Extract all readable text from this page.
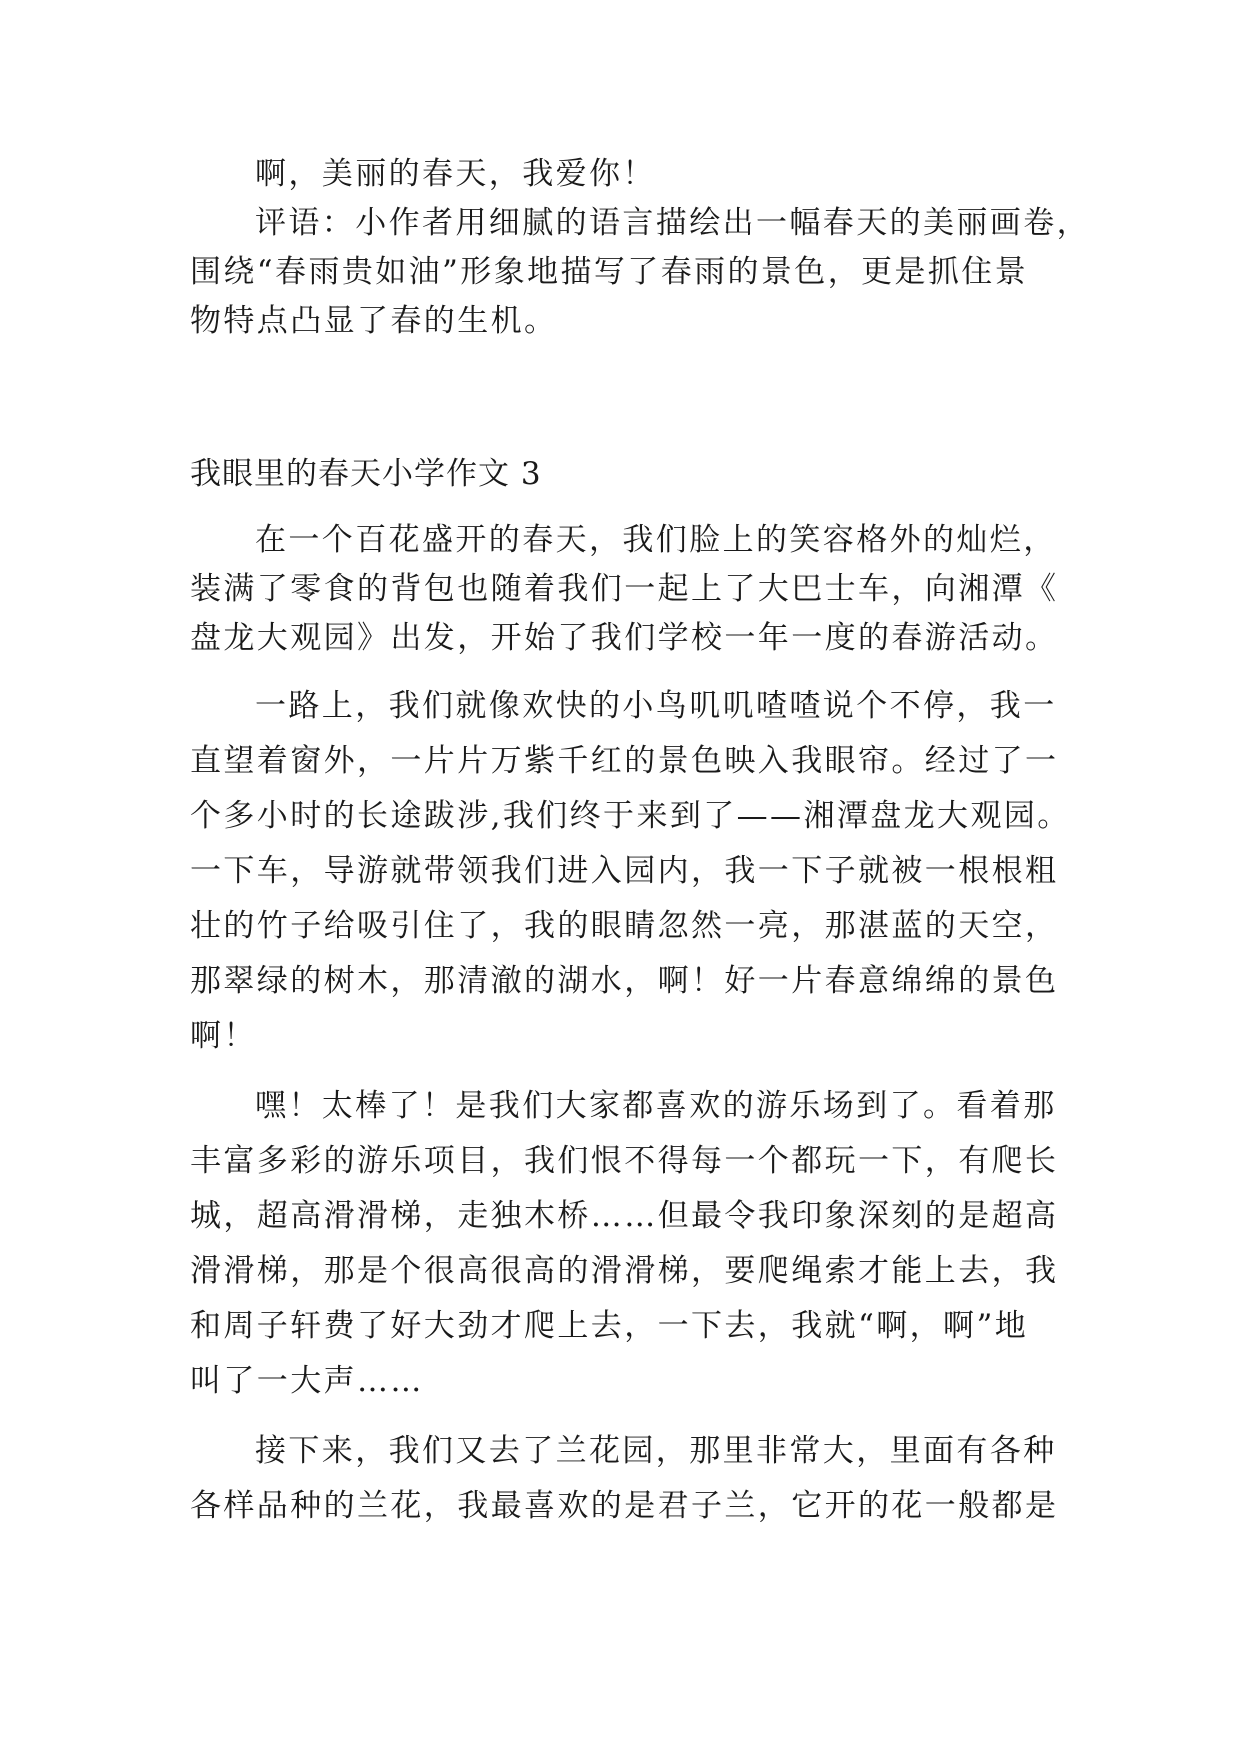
啊，美丽的春天，我爱你！
评语：小作者用细腻的语言描绘出一幅春天的美丽画卷，
围绕“春雨贵如油”形象地描写了春雨的景色，更是抓住景
物特点凸显了春的生机。
我眼里的春天小学作文 3
在一个百花盛开的春天，我们脸上的笑容格外的灿烂，
装满了零食的背包也随着我们一起上了大巴士车，向湘潭《
盘龙大观园》出发，开始了我们学校一年一度的春游活动。
一路上，我们就像欢快的小鸟叽叽喳喳说个不停，我一
直望着窗外，一片片万紫千红的景色映入我眼帘。经过了一
个多小时的长途跋涉,我们终于来到了——湘潭盘龙大观园。
一下车，导游就带领我们进入园内，我一下子就被一根根粗
壮的竹子给吸引住了，我的眼睛忽然一亮，那湛蓝的天空，
那翠绿的树木，那清澈的湖水，啊！好一片春意绵绵的景色
啊！
嘿！太棒了！是我们大家都喜欢的游乐场到了。看着那
丰富多彩的游乐项目，我们恨不得每一个都玩一下，有爬长
城，超高滑滑梯，走独木桥……但最令我印象深刻的是超高
滑滑梯，那是个很高很高的滑滑梯，要爬绳索才能上去，我
和周子轩费了好大劲才爬上去，一下去，我就“啊，啊”地
叫了一大声……
接下来，我们又去了兰花园，那里非常大，里面有各种
各样品种的兰花，我最喜欢的是君子兰，它开的花一般都是
